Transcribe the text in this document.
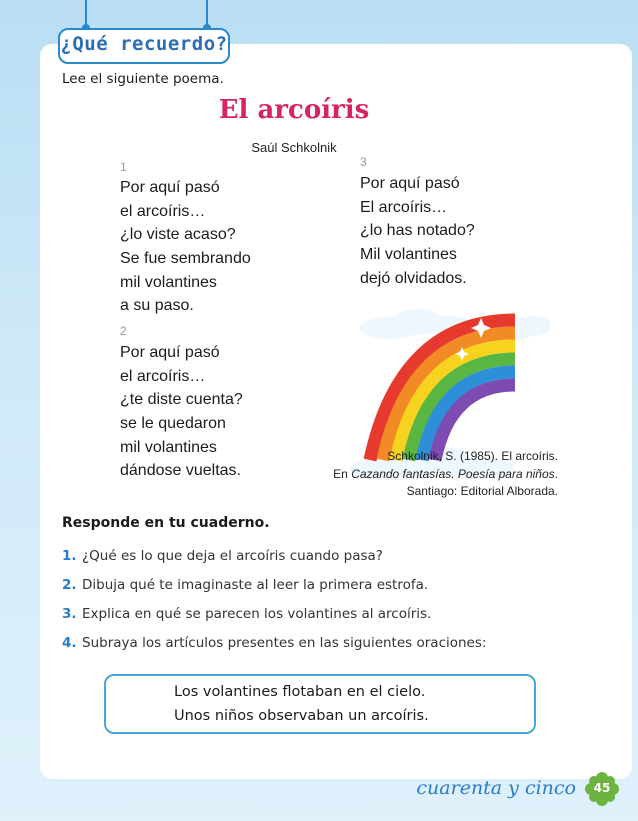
¿Qué recuerdo?
Lee el siguiente poema.
El arcoíris
Saúl Schkolnik
1
Por aquí pasó
el arcoíris…
¿lo viste acaso?
Se fue sembrando
mil volantines
a su paso.
2
Por aquí pasó
el arcoíris…
¿te diste cuenta?
se le quedaron
mil volantines
dándose vueltas.
3
Por aquí pasó
El arcoíris…
¿lo has notado?
Mil volantines
dejó olvidados.
Schkolnik, S. (1985). El arcoíris.
En Cazando fantasías. Poesía para niños.
Santiago: Editorial Alborada.
Responde en tu cuaderno.
1. ¿Qué es lo que deja el arcoíris cuando pasa?
2. Dibuja qué te imaginaste al leer la primera estrofa.
3. Explica en qué se parecen los volantines al arcoíris.
4. Subraya los artículos presentes en las siguientes oraciones:
Los volantines flotaban en el cielo.
Unos niños observaban un arcoíris.
cuarenta y cinco	45
